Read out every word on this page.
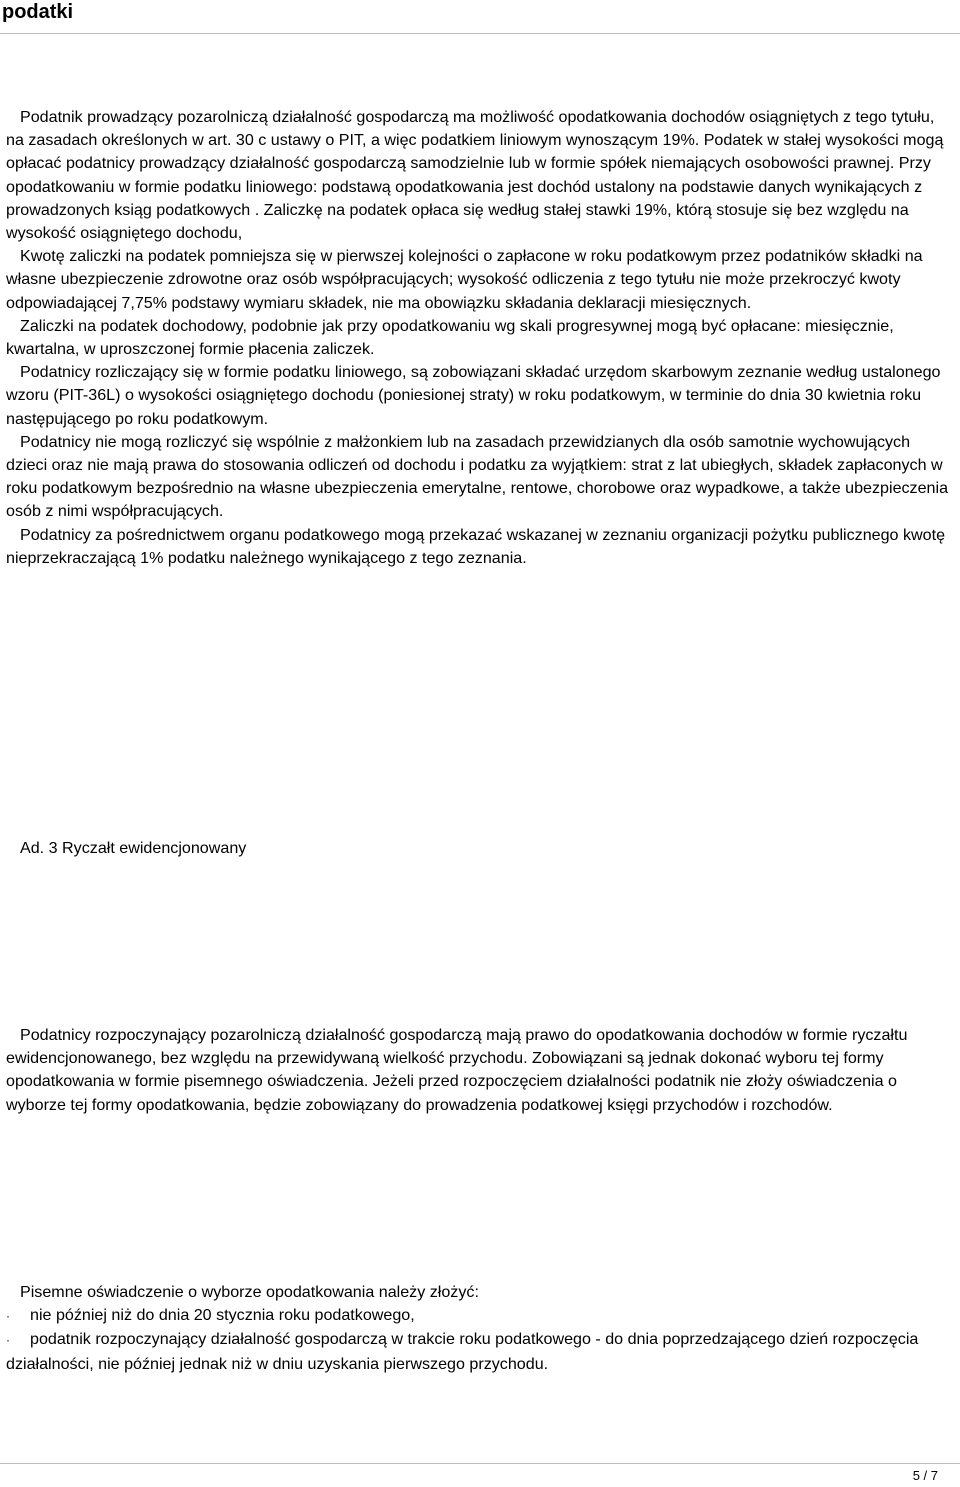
podatki

Podatnik prowadzący pozarolniczą działalność gospodarczą ma możliwość opodatkowania dochodów osiągniętych z tego tytułu, na zasadach określonych w art. 30 c ustawy o PIT, a więc podatkiem liniowym wynoszącym 19%. Podatek w stałej wysokości mogą opłacać podatnicy prowadzący działalność gospodarczą samodzielnie lub w formie spółek niemających osobowości prawnej. Przy opodatkowaniu w formie podatku liniowego: podstawą opodatkowania jest dochód ustalony na podstawie danych wynikających z prowadzonych ksiąg podatkowych . Zaliczkę na podatek opłaca się według stałej stawki 19%, którą stosuje się bez względu na wysokość osiągniętego dochodu,

Kwotę zaliczki na podatek pomniejsza się w pierwszej kolejności o zapłacone w roku podatkowym przez podatników składki na własne ubezpieczenie zdrowotne oraz osób współpracujących; wysokość odliczenia z tego tytułu nie może przekroczyć kwoty odpowiadającej 7,75% podstawy wymiaru składek, nie ma obowiązku składania deklaracji miesięcznych.

Zaliczki na podatek dochodowy, podobnie jak przy opodatkowaniu wg skali progresywnej mogą być opłacane: miesięcznie, kwartalna, w uproszczonej formie płacenia zaliczek.

Podatnicy rozliczający się w formie podatku liniowego, są zobowiązani składać urzędom skarbowym zeznanie według ustalonego wzoru (PIT-36L) o wysokości osiągniętego dochodu (poniesionej straty) w roku podatkowym, w terminie do dnia 30 kwietnia roku następującego po roku podatkowym.

Podatnicy nie mogą rozliczyć się wspólnie z małżonkiem lub na zasadach przewidzianych dla osób samotnie wychowujących dzieci oraz nie mają prawa do stosowania odliczeń od dochodu i podatku za wyjątkiem: strat z lat ubiegłych, składek zapłaconych w roku podatkowym bezpośrednio na własne ubezpieczenia emerytalne, rentowe, chorobowe oraz wypadkowe, a także ubezpieczenia osób z nimi współpracujących.

Podatnicy za pośrednictwem organu podatkowego mogą przekazać wskazanej w zeznaniu organizacji pożytku publicznego kwotę nieprzekraczającą 1% podatku należnego wynikającego z tego zeznania.

Ad. 3 Ryczałt ewidencjonowany

Podatnicy rozpoczynający pozarolniczą działalność gospodarczą mają prawo do opodatkowania dochodów w formie ryczałtu ewidencjonowanego, bez względu na przewidywaną wielkość przychodu. Zobowiązani są jednak dokonać wyboru tej formy opodatkowania w formie pisemnego oświadczenia. Jeżeli przed rozpoczęciem działalności podatnik nie złoży oświadczenia o wyborze tej formy opodatkowania, będzie zobowiązany do prowadzenia podatkowej księgi przychodów i rozchodów.

Pisemne oświadczenie o wyborze opodatkowania należy złożyć:

· nie później niż do dnia 20 stycznia roku podatkowego,

· podatnik rozpoczynający działalność gospodarczą w trakcie roku podatkowego - do dnia poprzedzającego dzień rozpoczęcia działalności, nie później jednak niż w dniu uzyskania pierwszego przychodu.

5 / 7
